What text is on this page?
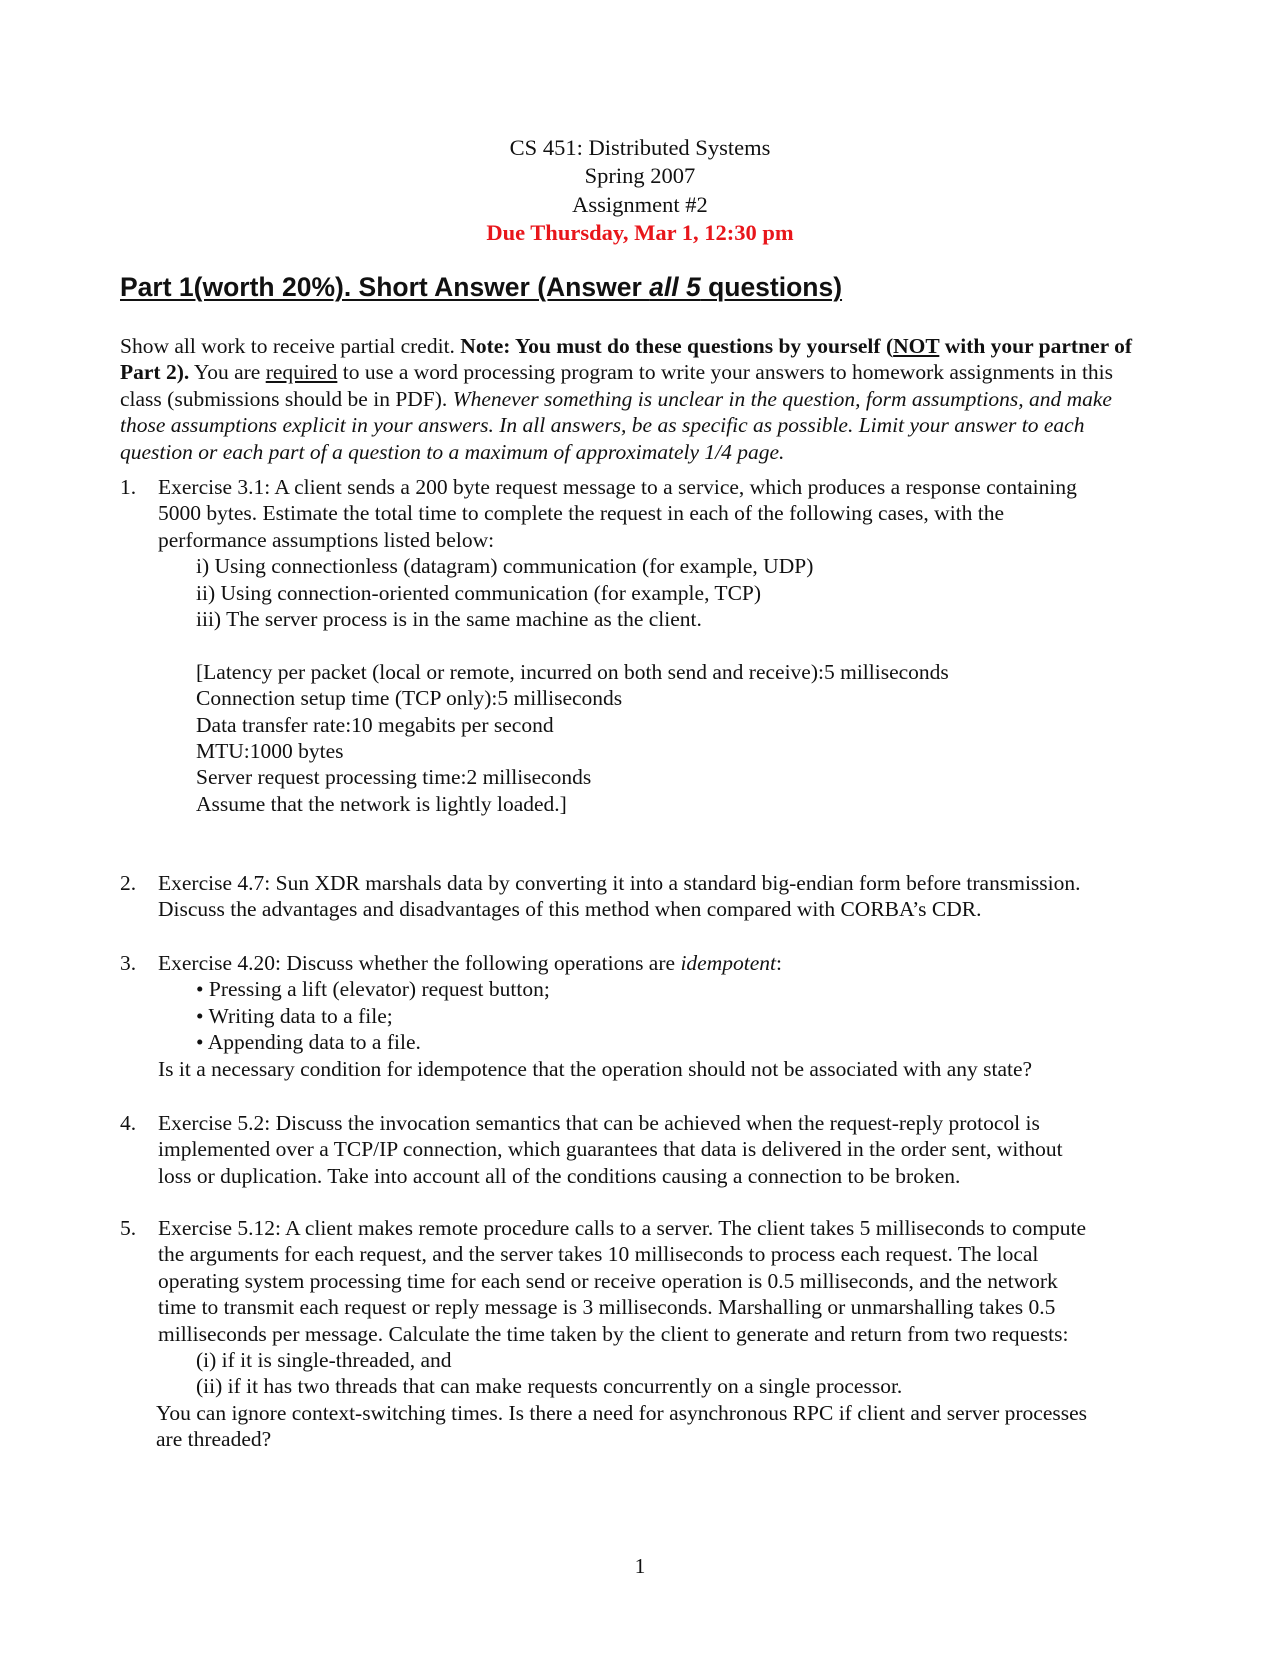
CS 451: Distributed Systems
Spring 2007
Assignment #2
Due Thursday, Mar 1, 12:30 pm
Part 1(worth 20%). Short Answer (Answer all 5 questions)

Show all work to receive partial credit. Note: You must do these questions by yourself (NOT with your partner of Part 2). You are required to use a word processing program to write your answers to homework assignments in this class (submissions should be in PDF). Whenever something is unclear in the question, form assumptions, and make those assumptions explicit in your answers. In all answers, be as specific as possible. Limit your answer to each question or each part of a question to a maximum of approximately 1/4 page.

1. Exercise 3.1: A client sends a 200 byte request message to a service, which produces a response containing
5000 bytes. Estimate the total time to complete the request in each of the following cases, with the
performance assumptions listed below:
i) Using connectionless (datagram) communication (for example, UDP)
ii) Using connection-oriented communication (for example, TCP)
iii) The server process is in the same machine as the client.
[Latency per packet (local or remote, incurred on both send and receive):5 milliseconds
Connection setup time (TCP only):5 milliseconds
Data transfer rate:10 megabits per second
MTU:1000 bytes
Server request processing time:2 milliseconds
Assume that the network is lightly loaded.]
2. Exercise 4.7: Sun XDR marshals data by converting it into a standard big-endian form before transmission.
Discuss the advantages and disadvantages of this method when compared with CORBA’s CDR.
3. Exercise 4.20: Discuss whether the following operations are idempotent:
• Pressing a lift (elevator) request button;
• Writing data to a file;
• Appending data to a file.
Is it a necessary condition for idempotence that the operation should not be associated with any state?
4. Exercise 5.2: Discuss the invocation semantics that can be achieved when the request-reply protocol is
implemented over a TCP/IP connection, which guarantees that data is delivered in the order sent, without
loss or duplication. Take into account all of the conditions causing a connection to be broken.
5. Exercise 5.12: A client makes remote procedure calls to a server. The client takes 5 milliseconds to compute
the arguments for each request, and the server takes 10 milliseconds to process each request. The local
operating system processing time for each send or receive operation is 0.5 milliseconds, and the network
time to transmit each request or reply message is 3 milliseconds. Marshalling or unmarshalling takes 0.5
milliseconds per message. Calculate the time taken by the client to generate and return from two requests:
(i) if it is single-threaded, and
(ii) if it has two threads that can make requests concurrently on a single processor.
You can ignore context-switching times. Is there a need for asynchronous RPC if client and server processes
are threaded?
1
